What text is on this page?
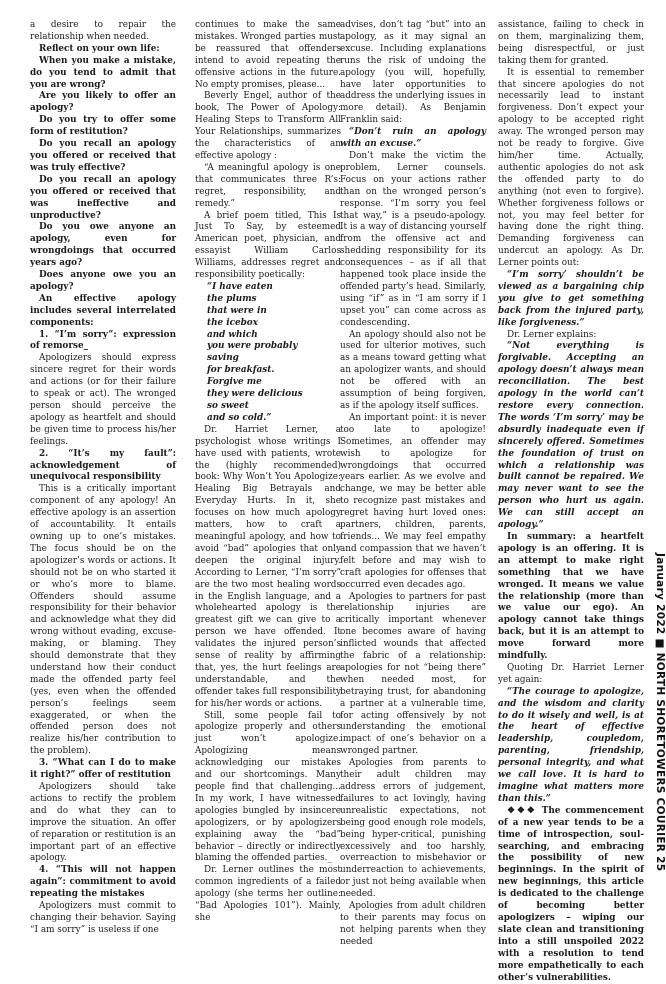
a desire to repair the relationship when needed.

Reflect on your own life:

When you make a mistake, do you tend to admit that you are wrong?

Are you likely to offer an apology?

Do you try to offer some form of restitution?

Do you recall an apology you offered or received that was truly effective?

Do you recall an apology you offered or received that was ineffective and unproductive?

Do you owe anyone an apology, even for wrongdoings that occurred years ago?

Does anyone owe you an apology?

An effective apology includes several interrelated components:

1. “I’m sorry”: expression of remorse_

Apologizers should express sincere regret for their words and actions (or for their failure to speak or act). The wronged person should perceive the apology as heartfelt and should be given time to process his/her feelings.

2. “It’s my fault”: acknowledgement of unequivocal responsibility

This is a critically important component of any apology! An effective apology is an assertion of accountability. It entails owning up to one’s mistakes. The focus should be on the apologizer’s words or actions. It should not be on who started it or who’s more to blame. Offenders should assume responsibility for their behavior and acknowledge what they did wrong without evading, excuse-making, or blaming. They should demonstrate that they understand how their conduct made the offended party feel (yes, even when the offended person’s feelings seem exaggerated, or when the offended person does not realize his/her contribution to the problem).

3. “What can I do to make it right?” offer of restitution

Apologizers should take actions to rectify the problem and do what they can to improve the situation. An offer of reparation or restitution is an important part of an effective apology.

4. “This will not happen again”: commitment to avoid repeating the mistakes

Apologizers must commit to changing their behavior. Saying “I am sorry” is useless if one

continues to make the same mistakes. Wronged parties must be reassured that offenders intend to avoid repeating the offensive actions in the future. No empty promises, please...

Beverly Engel, author of the book, The Power of Apology: Healing Steps to Transform All Your Relationships, summarizes the characteristics of an effective apology :

“A meaningful apology is one that communicates three R’s: regret, responsibility, and remedy.”

A brief poem titled, This Is Just To Say, by esteemed American poet, physician, and essayist William Carlos Williams, addresses regret and responsibility poetically:

“I have eaten
the plums
that were in
the icebox
and which
you were probably
saving
for breakfast.
Forgive me
they were delicious
so sweet
and so cold.”

Dr. Harriet Lerner, a psychologist whose writings I have used with patients, wrote the (highly recommended) book: Why Won’t You Apologize: Healing Big Betrayals and Everyday Hurts. In it, she focuses on how much apology matters, how to craft a meaningful apology, and how to avoid “bad” apologies that only deepen the original injury. According to Lerner, “I’m sorry” are the two most healing words in the English language, and a wholehearted apology is the greatest gift we can give to a person we have offended. It validates the injured person’s sense of reality by affirming that, yes, the hurt feelings are understandable, and the offender takes full responsibility for his/her words or actions.

Still, some people fail to apologize properly and others just won’t apologize. Apologizing means acknowledging our mistakes and our shortcomings. Many people find that challenging... In my work, I have witnessed apologies bungled by insincere apologizers, or by apologizers explaining away the “bad” behavior – directly or indirectly blaming the offended parties._

Dr. Lerner outlines the most common ingredients of a failed apology (she terms her outline: “Bad Apologies 101”). Mainly, she

advises, don’t tag “but” into an apology, as it may signal an excuse. Including explanations runs the risk of undoing the apology (you will, hopefully, have later opportunities to address the underlying issues in more detail). As Benjamin Franklin said:

“Don’t ruin an apology with an excuse.”

Don’t make the victim the problem, Lerner counsels. Focus on your actions rather than on the wronged person’s response. “I’m sorry you feel that way,” is a pseudo-apology. It is a way of distancing yourself from the offensive act and shedding responsibility for its consequences – as if all that happened took place inside the offended party’s head. Similarly, using “if” as in “I am sorry if I upset you” can come across as condescending.

An apology should also not be used for ulterior motives, such as a means toward getting what an apologizer wants, and should not be offered with an assumption of being forgiven, as if the apology itself suffices.

An important point: it is never too late to apologize! Sometimes, an offender may wish to apologize for wrongdoings that occurred years earlier. As we evolve and change, we may be better able to recognize past mistakes and regret having hurt loved ones: partners, children, parents, friends... We may feel empathy and compassion that we haven’t felt before and may wish to craft apologies for offenses that occurred even decades ago.

Apologies to partners for past relationship injuries are critically important whenever one becomes aware of having inflicted wounds that affected the fabric of a relationship: apologies for not “being there” when needed most, for betraying trust, for abandoning a partner at a vulnerable time, for acting offensively by not understanding the emotional impact of one’s behavior on a wronged partner.

Apologies from parents to their adult children may address errors of judgement, failures to act lovingly, having unrealistic expectations, not being good enough role models, being hyper-critical, punishing excessively and too harshly, overreaction to misbehavior or underreaction to achievements, or just not being available when needed.

Apologies from adult children to their parents may focus on not helping parents when they needed

assistance, failing to check in on them, marginalizing them, being disrespectful, or just taking them for granted.

It is essential to remember that sincere apologies do not necessarily lead to instant forgiveness. Don’t expect your apology to be accepted right away. The wronged person may not be ready to forgive. Give him/her time. Actually, authentic apologies do not ask the offended party to do anything (not even to forgive). Whether forgiveness follows or not, you may feel better for having done the right thing. Demanding forgiveness can undercut an apology. As Dr. Lerner points out:

“I’m sorry’ shouldn’t be viewed as a bargaining chip you give to get something back from the injured party, like forgiveness.”

Dr. Lerner explains:

“Not everything is forgivable. Accepting an apology doesn’t always mean reconciliation. The best apology in the world can’t restore every connection. The words ‘I’m sorry’ may be absurdly inadequate even if sincerely offered. Sometimes the foundation of trust on which a relationship was built cannot be repaired. We may never want to see the person who hurt us again. We can still accept an apology.”

In summary: a heartfelt apology is an offering. It is an attempt to make right something that we have wronged. It means we value the relationship (more than we value our ego). An apology cannot take things back, but it is an attempt to move forward more mindfully.

Quoting Dr. Harriet Lerner yet again:

“The courage to apologize, and the wisdom and clarity to do it wisely and well, is at the heart of effective leadership, coupledom, parenting, friendship, personal integrity, and what we call love. It is hard to imagine what matters more than this.”

❖❖❖ The commencement of a new year tends to be a time of introspection, soul-searching, and embracing the possibility of new beginnings. In the spirit of new beginnings, this article is dedicated to the challenge of becoming better apologizers – wiping our slate clean and transitioning into a still unspoiled 2022 with a resolution to tend more empathetically to each other’s vulnerabilities.

January 2022 ■ NORTH SHORETOWERS COURIER 25
